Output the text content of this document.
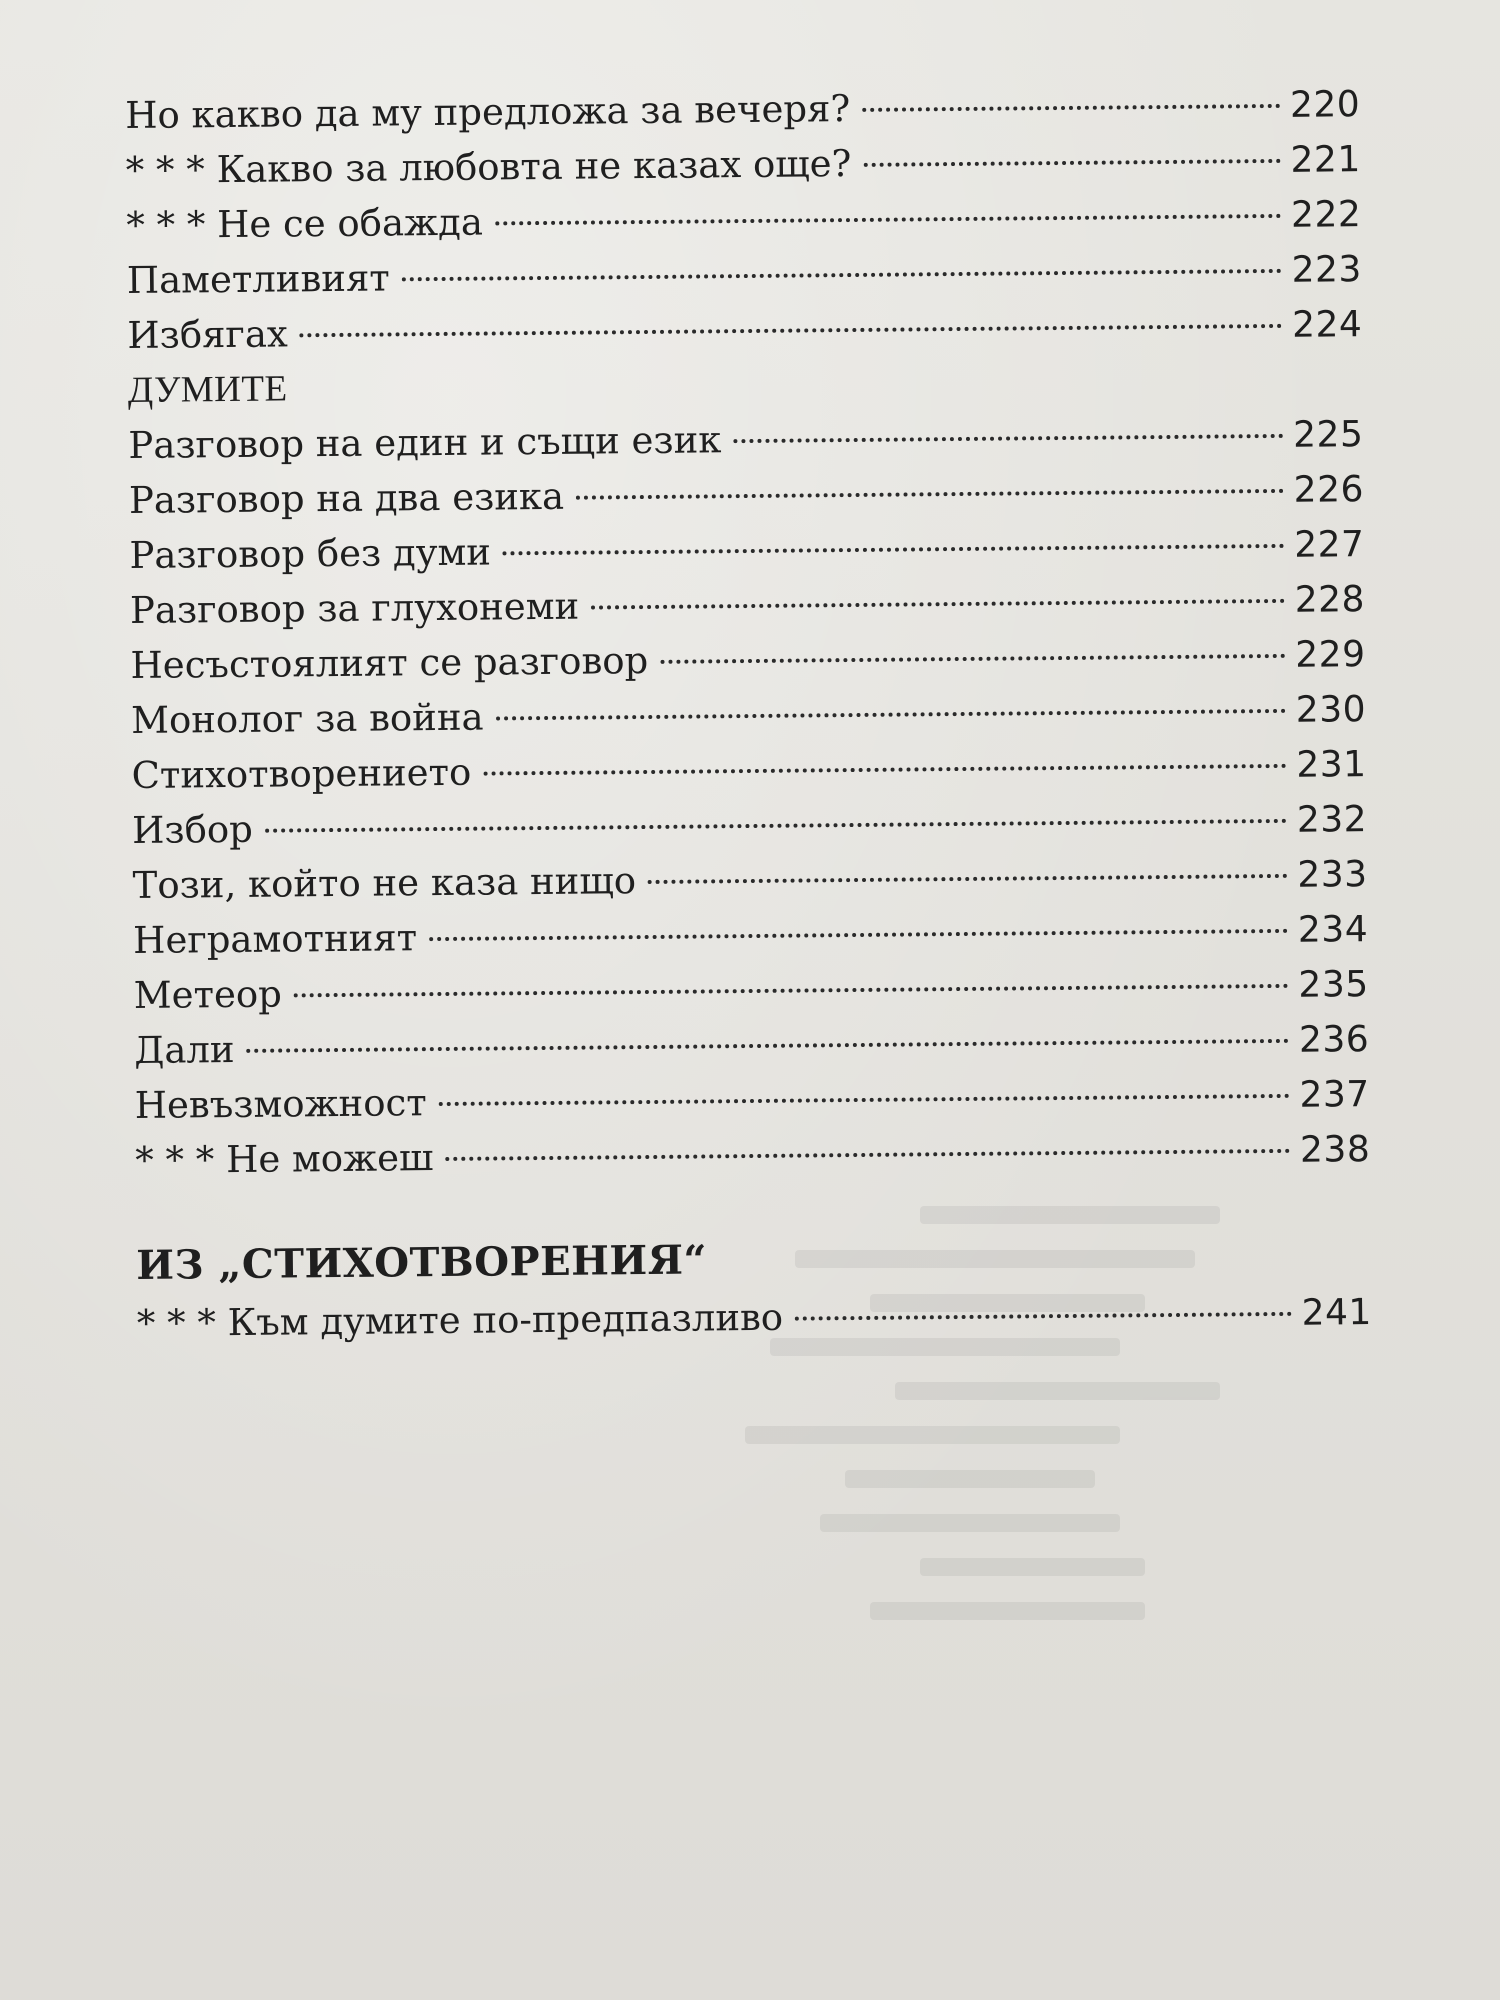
Но какво да му предложа за вечеря?	220
* * * Какво за любовта не казах още?	221
* * * Не се обажда	222
Паметливият	223
Избягах	224
ДУМИТЕ
Разговор на един и същи език	225
Разговор на два езика	226
Разговор без думи	227
Разговор за глухонеми	228
Несъстоялият се разговор	229
Монолог за война	230
Стихотворението	231
Избор	232
Този, който не каза нищо	233
Неграмотният	234
Метеор	235
Дали	236
Невъзможност	237
* * * Не можеш	238
ИЗ „СТИХОТВОРЕНИЯ“
* * * Към думите по-предпазливо	241
